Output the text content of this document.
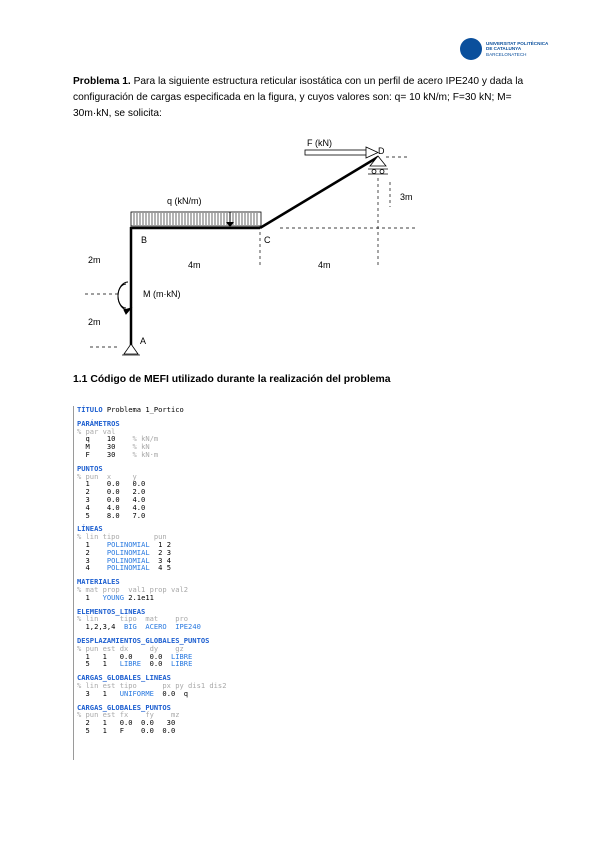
UNIVERSITAT POLITÈCNICA
DE CATALUNYA
BARCELONATECH
Problema 1. Para la siguiente estructura reticular isostática con un perfil de acero IPE240 y dada la configuración de cargas especificada en la figura, y cuyos valores son: q= 10 kN/m; F=30 kN; M= 30m·kN, se solicita:
F (kN)
D
q (kN/m)
B	C
A
M (m·kN)
3m
4m	4m
2m
2m
1.1 Código de MEFI utilizado durante la realización del problema
TÍTULO Problema 1_Portico
PARÁMETROS
% par val
q    10    % kN/m
M    30    % kN
F    30    % kN·m
PUNTOS
% pun  x     y
1    0.0   0.0
2    0.0   2.0
3    0.0   4.0
4    4.0   4.0
5    8.0   7.0
LÍNEAS
% lin tipo        pun
1    POLINOMIAL  1 2
2    POLINOMIAL  2 3
3    POLINOMIAL  3 4
4    POLINOMIAL  4 5
MATERIALES
% mat prop  val1 prop val2
1   YOUNG 2.1e11
ELEMENTOS_LINEAS
% lin     tipo  mat    pro
1,2,3,4  BIG  ACERO  IPE240
DESPLAZAMIENTOS_GLOBALES_PUNTOS
% pun est dx     dy    gz
1   1   0.0    0.0  LIBRE
5   1   LIBRE  0.0  LIBRE
CARGAS_GLOBALES_LINEAS
% lin est tipo      px py dis1 dis2
3   1   UNIFORME  0.0  q
CARGAS_GLOBALES_PUNTOS
% pun est fx    fy    mz
2   1   0.0  0.0   30
5   1   F    0.0  0.0
